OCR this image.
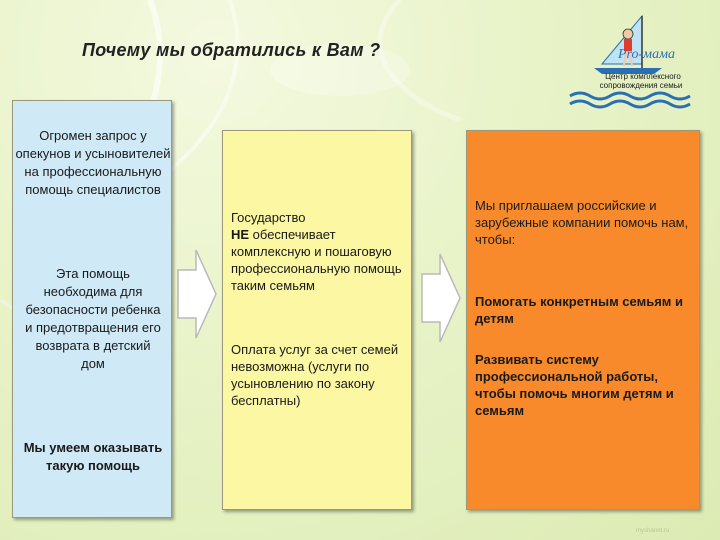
Почему мы обратились к Вам ?	Pro-мама
Центр комплексного
сопровождения семьи
Огромен запрос у опекунов и усыновителей на профессиональную помощь специалистов
Эта помощь необходима для безопасности ребенка и предотвращения его возврата в детский дом
Мы умеем оказывать такую помощь
Государство
НЕ обеспечивает комплексную и пошаговую профессиональную помощь таким семьям
Оплата услуг за счет семей невозможна (услуги по усыновлению по закону бесплатны)
Мы приглашаем российские и зарубежные компании помочь нам, чтобы:
Помогать конкретным семьям и детям
Развивать систему профессиональной работы, чтобы помочь многим детям и семьям
myshared.ru
